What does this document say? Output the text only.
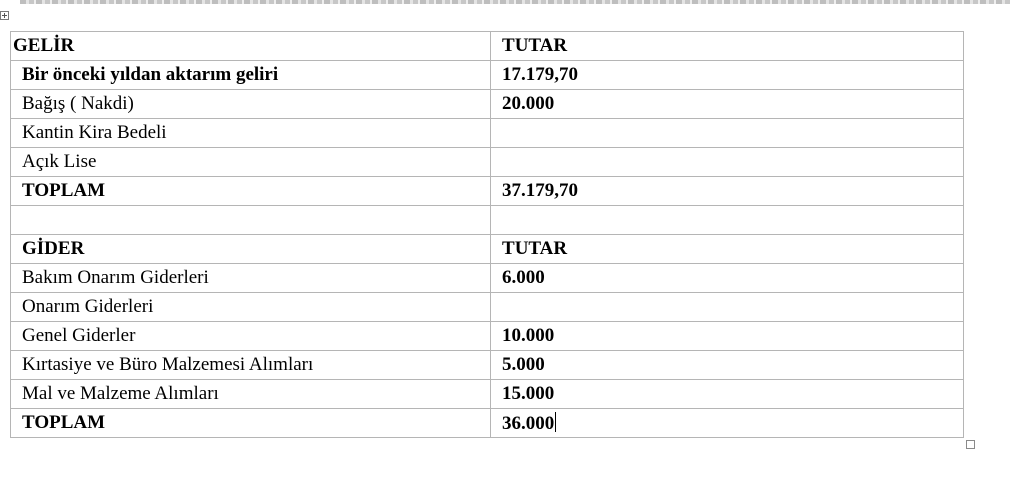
GELİR	TUTAR
Bir önceki yıldan aktarım geliri	17.179,70
Bağış ( Nakdi)	20.000
Kantin Kira Bedeli	
Açık Lise	
TOPLAM	37.179,70

GİDER	TUTAR
Bakım Onarım Giderleri	6.000
Onarım Giderleri	
Genel Giderler	10.000
Kırtasiye ve Büro Malzemesi Alımları	5.000
Mal ve Malzeme Alımları	15.000
TOPLAM	36.000
